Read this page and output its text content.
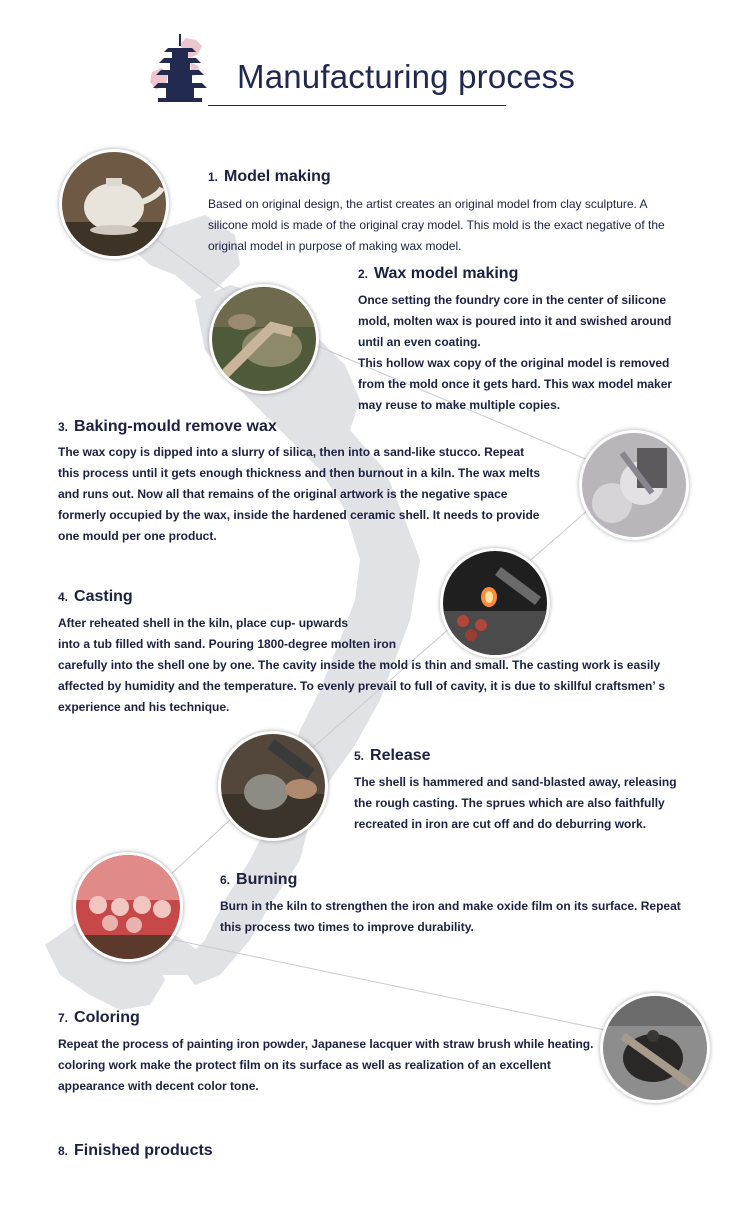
Manufacturing process
1. Model making
Based on original design, the artist creates an original model from clay sculpture. A silicone mold is made of the original cray model. This mold is the exact negative of the original model in purpose of making wax model.
2. Wax model making

Once setting the foundry core in the center of silicone mold, molten wax is poured into it and swished around until an even coating.

This hollow wax copy of the original model is removed from the mold once it gets hard. This wax model maker may reuse to make multiple copies.

3. Baking-mould remove wax
The wax copy is dipped into a slurry of silica, then into a sand-like stucco. Repeat this process until it gets enough thickness and then burnout in a kiln. The wax melts and runs out. Now all that remains of the original artwork is the negative space formerly occupied by the wax, inside the hardened ceramic shell. It needs to provide one mould per one product.
4. Casting

After reheated shell in the kiln, place cup- upwards

into a tub filled with sand. Pouring 1800-degree molten iron

carefully into the shell one by one. The cavity inside the mold is thin and small. The casting work is easily affected by humidity and the temperature. To evenly prevail to full of cavity, it is due to skillful craftsmen’ s experience and his technique.

5. Release
The shell is hammered and sand-blasted away, releasing the rough casting. The sprues which are also faithfully recreated in iron are cut off and do deburring work.
6. Burning
Burn in the kiln to strengthen the iron and make oxide film on its surface. Repeat this process two times to improve durability.
7. Coloring
Repeat the process of painting iron powder, Japanese lacquer with straw brush while heating. coloring work make the protect film on its surface as well as realization of an excellent appearance with decent color tone.
8. Finished products
